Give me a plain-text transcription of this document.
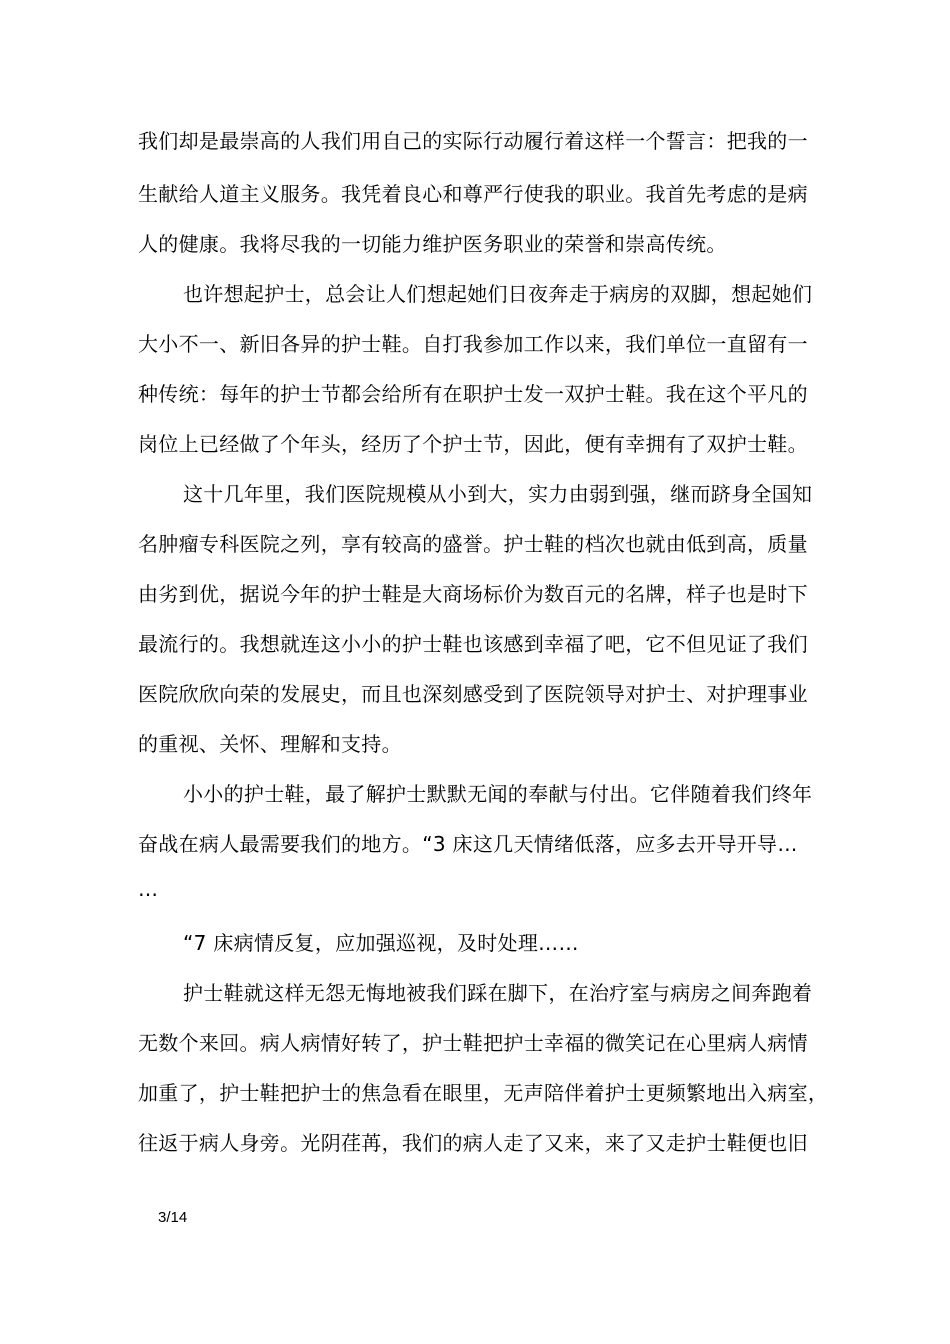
我们却是最崇高的人我们用自己的实际行动履行着这样一个誓言：把我的一
生献给人道主义服务。我凭着良心和尊严行使我的职业。我首先考虑的是病
人的健康。我将尽我的一切能力维护医务职业的荣誉和崇高传统。
也许想起护士，总会让人们想起她们日夜奔走于病房的双脚，想起她们
大小不一、新旧各异的护士鞋。自打我参加工作以来，我们单位一直留有一
种传统：每年的护士节都会给所有在职护士发一双护士鞋。我在这个平凡的
岗位上已经做了个年头，经历了个护士节，因此，便有幸拥有了双护士鞋。
这十几年里，我们医院规模从小到大，实力由弱到强，继而跻身全国知
名肿瘤专科医院之列，享有较高的盛誉。护士鞋的档次也就由低到高，质量
由劣到优，据说今年的护士鞋是大商场标价为数百元的名牌，样子也是时下
最流行的。我想就连这小小的护士鞋也该感到幸福了吧，它不但见证了我们
医院欣欣向荣的发展史，而且也深刻感受到了医院领导对护士、对护理事业
的重视、关怀、理解和支持。
小小的护士鞋，最了解护士默默无闻的奉献与付出。它伴随着我们终年
奋战在病人最需要我们的地方。“3 床这几天情绪低落，应多去开导开导…
…
“7 床病情反复，应加强巡视，及时处理……
护士鞋就这样无怨无悔地被我们踩在脚下，在治疗室与病房之间奔跑着
无数个来回。病人病情好转了，护士鞋把护士幸福的微笑记在心里病人病情
加重了，护士鞋把护士的焦急看在眼里，无声陪伴着护士更频繁地出入病室，
往返于病人身旁。光阴荏苒，我们的病人走了又来，来了又走护士鞋便也旧
3/14
